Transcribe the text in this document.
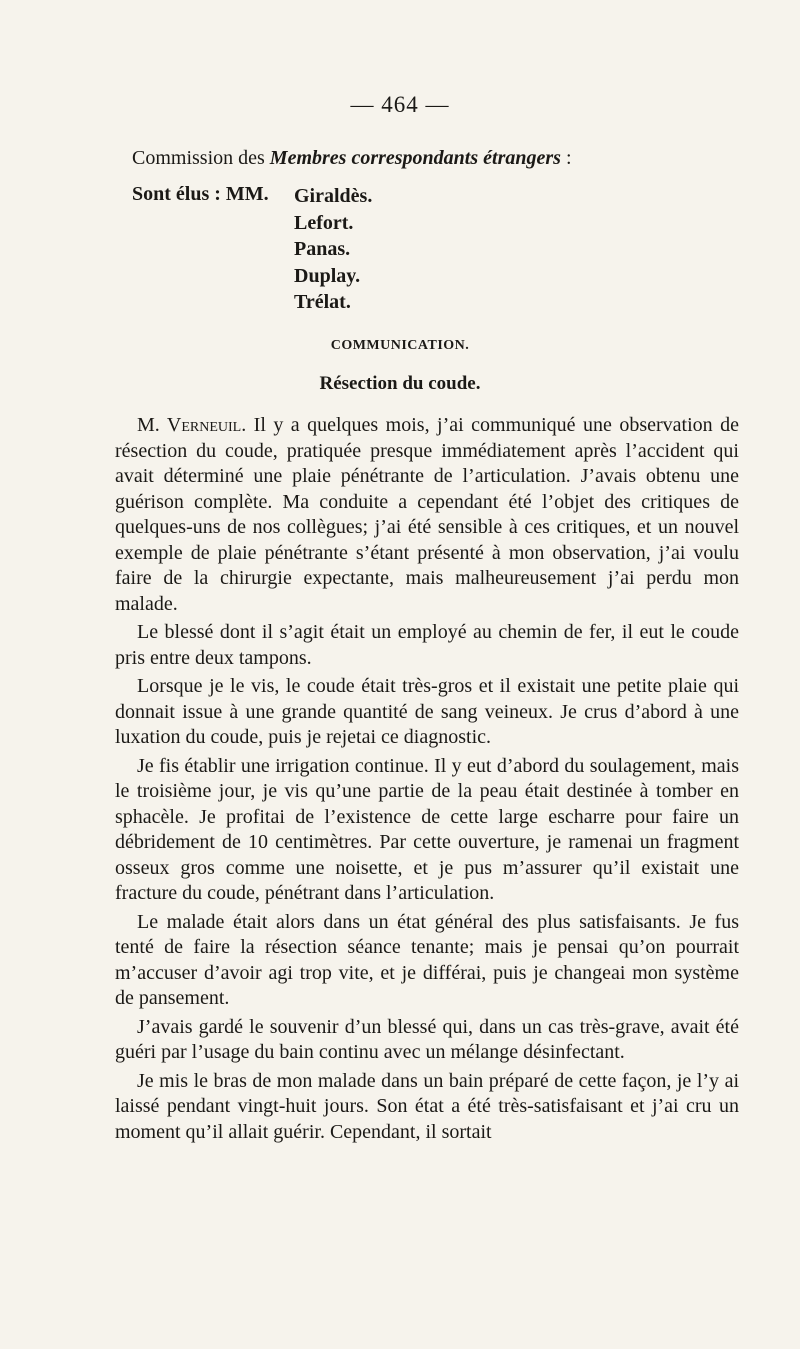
— 464 —
Commission des Membres correspondants étrangers :
Sont élus : MM.	Giraldès.
Lefort.
Panas.
Duplay.
Trélat.
COMMUNICATION.
Résection du coude.

M. Verneuil. Il y a quelques mois, j’ai communiqué une observation de résection du coude, pratiquée presque immédiatement après l’accident qui avait déterminé une plaie pénétrante de l’articulation. J’avais obtenu une guérison complète. Ma conduite a cependant été l’objet des critiques de quelques-uns de nos collègues; j’ai été sensible à ces critiques, et un nouvel exemple de plaie pénétrante s’étant présenté à mon observation, j’ai voulu faire de la chirurgie expectante, mais malheureusement j’ai perdu mon malade.

Le blessé dont il s’agit était un employé au chemin de fer, il eut le coude pris entre deux tampons.

Lorsque je le vis, le coude était très-gros et il existait une petite plaie qui donnait issue à une grande quantité de sang veineux. Je crus d’abord à une luxation du coude, puis je rejetai ce diagnostic.

Je fis établir une irrigation continue. Il y eut d’abord du soulagement, mais le troisième jour, je vis qu’une partie de la peau était destinée à tomber en sphacèle. Je profitai de l’existence de cette large escharre pour faire un débridement de 10 centimètres. Par cette ouverture, je ramenai un fragment osseux gros comme une noisette, et je pus m’assurer qu’il existait une fracture du coude, pénétrant dans l’articulation.

Le malade était alors dans un état général des plus satisfaisants. Je fus tenté de faire la résection séance tenante; mais je pensai qu’on pourrait m’accuser d’avoir agi trop vite, et je différai, puis je changeai mon système de pansement.

J’avais gardé le souvenir d’un blessé qui, dans un cas très-grave, avait été guéri par l’usage du bain continu avec un mélange désinfectant.

Je mis le bras de mon malade dans un bain préparé de cette façon, je l’y ai laissé pendant vingt-huit jours. Son état a été très-satisfaisant et j’ai cru un moment qu’il allait guérir. Cependant, il sortait
